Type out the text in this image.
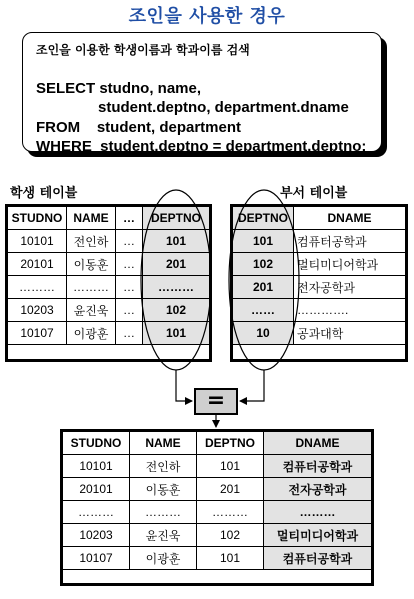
조인을 사용한 경우
조인을 이용한 학생이름과 학과이름 검색
SELECT studno, name,
student.deptno, department.dname
FROM    student, department
WHERE  student.deptno = department.deptno;
학생 테이블	부서 테이블
STUDNO	NAME	…	DEPTNO
10101	전인하	…	101
20101	이동훈	…	201
………	………	…	………
10203	윤진욱	…	102
10107	이광훈	…	101
DEPTNO	DNAME
101	컴퓨터공학과
102	멀티미디어학과
201	전자공학과
……	………….
10	공과대학
=
STUDNO	NAME	DEPTNO	DNAME
10101	전인하	101	컴퓨터공학과
20101	이동훈	201	전자공학과
………	………	………	………
10203	윤진욱	102	멀티미디어학과
10107	이광훈	101	컴퓨터공학과
